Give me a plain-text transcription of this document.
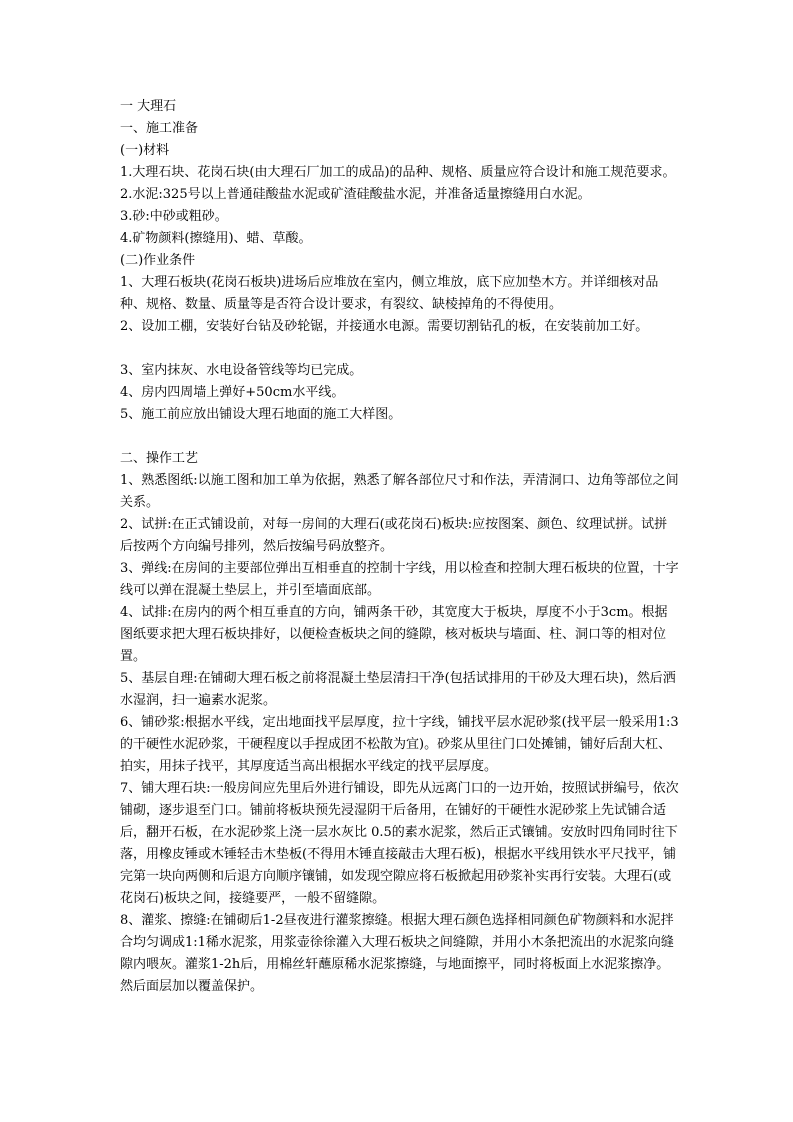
一 大理石

一、施工准备

(一)材料

1.大理石块、花岗石块(由大理石厂加工的成品)的品种、规格、质量应符合设计和施工规范要求。

2.水泥:325号以上普通硅酸盐水泥或矿渣硅酸盐水泥，并准备适量擦缝用白水泥。

3.砂:中砂或粗砂。

4.矿物颜料(擦缝用)、蜡、草酸。

(二)作业条件

1、大理石板块(花岗石板块)进场后应堆放在室内，侧立堆放，底下应加垫木方。并详细核对品种、规格、数量、质量等是否符合设计要求，有裂纹、缺棱掉角的不得使用。

2、设加工棚，安装好台钻及砂轮锯，并接通水电源。需要切割钻孔的板，在安装前加工好。

3、室内抹灰、水电设备管线等均已完成。

4、房内四周墙上弹好+50cm水平线。

5、施工前应放出铺设大理石地面的施工大样图。

二、操作工艺

1、熟悉图纸:以施工图和加工单为依据，熟悉了解各部位尺寸和作法，弄清洞口、边角等部位之间关系。

2、试拼:在正式铺设前，对每一房间的大理石(或花岗石)板块:应按图案、颜色、纹理试拼。试拼后按两个方向编号排列，然后按编号码放整齐。

3、弹线:在房间的主要部位弹出互相垂直的控制十字线，用以检查和控制大理石板块的位置，十字线可以弹在混凝土垫层上，并引至墙面底部。

4、试排:在房内的两个相互垂直的方向，铺两条干砂，其宽度大于板块，厚度不小于3cm。根据图纸要求把大理石板块排好，以便检查板块之间的缝隙，核对板块与墙面、柱、洞口等的相对位置。

5、基层自理:在铺砌大理石板之前将混凝土垫层清扫干净(包括试排用的干砂及大理石块)，然后洒水湿润，扫一遍素水泥浆。

6、铺砂浆:根据水平线，定出地面找平层厚度，拉十字线，铺找平层水泥砂浆(找平层一般采用1:3的干硬性水泥砂浆，干硬程度以手捏成团不松散为宜)。砂浆从里往门口处摊铺，铺好后刮大杠、拍实，用抹子找平，其厚度适当高出根据水平线定的找平层厚度。

7、铺大理石块:一般房间应先里后外进行铺设，即先从远离门口的一边开始，按照试拼编号，依次铺砌，逐步退至门口。铺前将板块预先浸湿阴干后备用，在铺好的干硬性水泥砂浆上先试铺合适后，翻开石板，在水泥砂浆上浇一层水灰比 0.5的素水泥浆，然后正式镶铺。安放时四角同时往下落，用橡皮锤或木锤轻击木垫板(不得用木锤直接敲击大理石板)，根据水平线用铁水平尺找平，铺完第一块向两侧和后退方向顺序镶铺，如发现空隙应将石板掀起用砂浆补实再行安装。大理石(或花岗石)板块之间，接缝要严，一般不留缝隙。

8、灌浆、擦缝:在铺砌后1-2昼夜进行灌浆擦缝。根据大理石颜色选择相同颜色矿物颜料和水泥拌合均匀调成1:1稀水泥浆，用浆壶徐徐灌入大理石板块之间缝隙，并用小木条把流出的水泥浆向缝隙内喂灰。灌浆1-2h后，用棉丝轩蘸原稀水泥浆擦缝，与地面擦平，同时将板面上水泥浆擦净。然后面层加以覆盖保护。
